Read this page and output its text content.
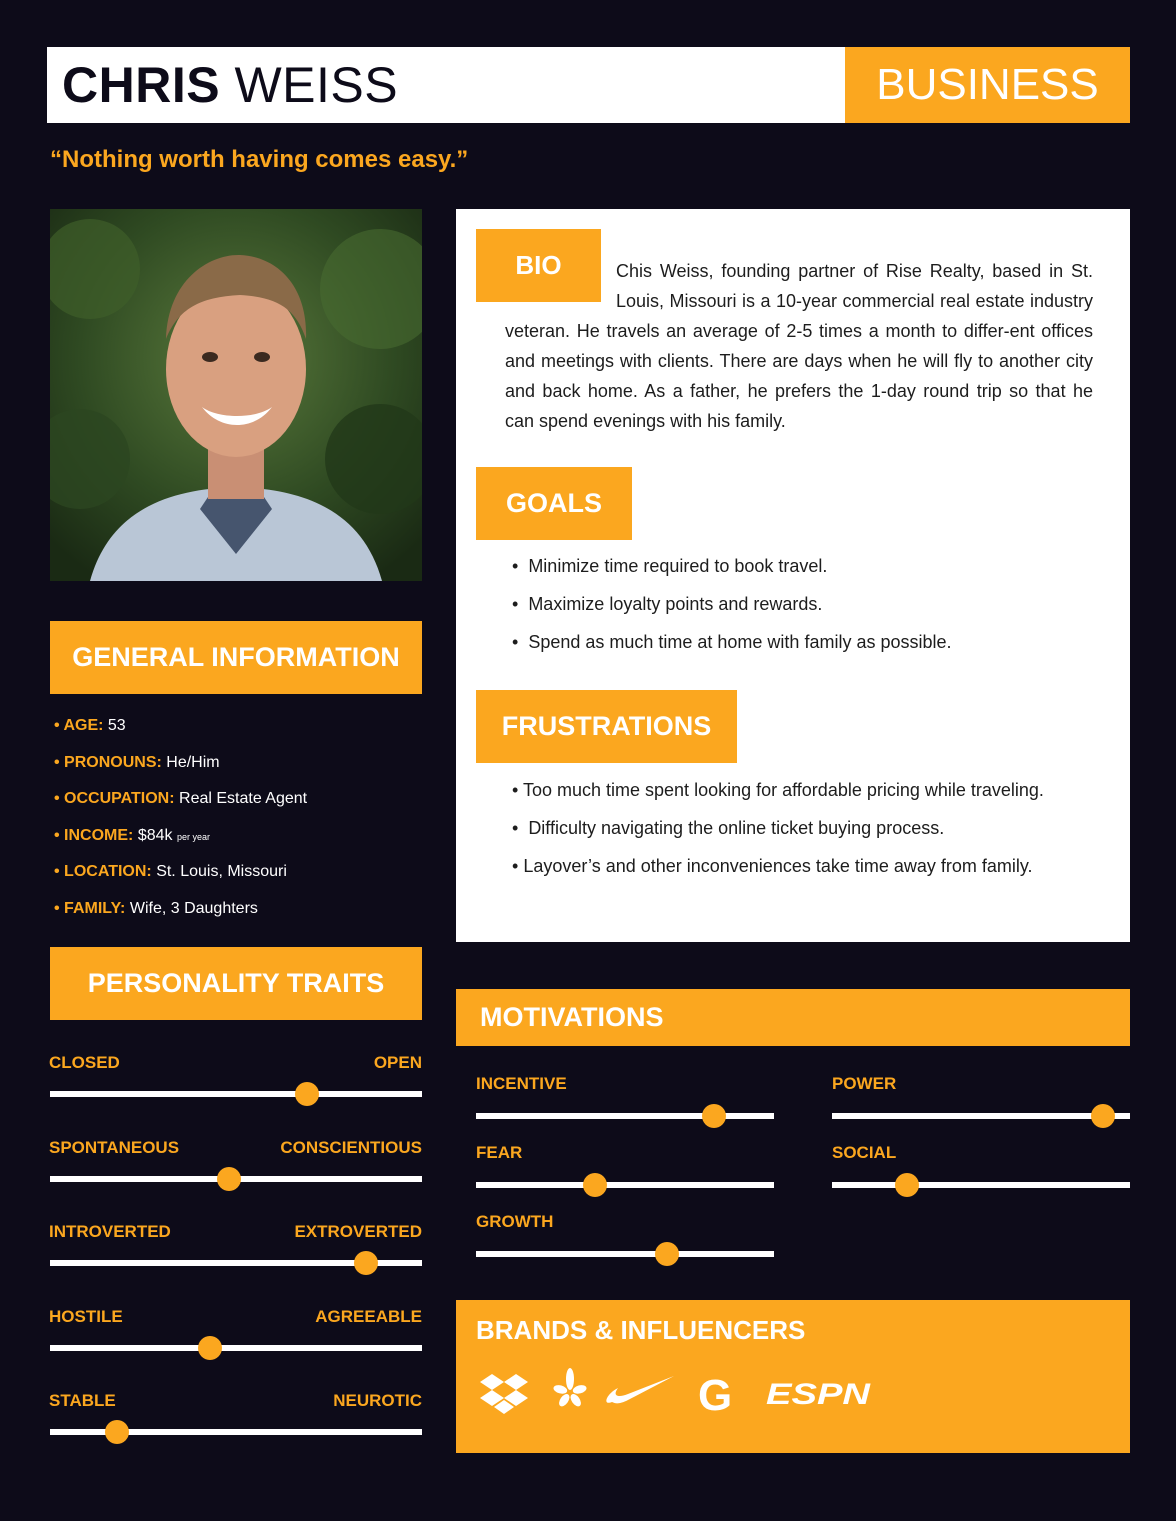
CHRIS WEISS	BUSINESS
“Nothing worth having comes easy.”
GENERAL INFORMATION
• AGE: 53
• PRONOUNS: He/Him
• OCCUPATION: Real Estate Agent
• INCOME: $84k per year
• LOCATION: St. Louis, Missouri
• FAMILY: Wife, 3 Daughters
PERSONALITY TRAITS
CLOSED	OPEN
SPONTANEOUS	CONSCIENTIOUS
INTROVERTED	EXTROVERTED
HOSTILE	AGREEABLE
STABLE	NEUROTIC
BIO	Chis Weiss, founding partner of Rise Realty, based in St. Louis, Missouri is a 10-year commercial real estate industry veteran. He travels an average of 2-5 times a month to differ-ent offices and meetings with clients. There are days when he will fly to another city and back home. As a father, he prefers the 1-day round trip so that he can spend evenings with his family.
GOALS
•  Minimize time required to book travel.
•  Maximize loyalty points and rewards.
•  Spend as much time at home with family as possible.
FRUSTRATIONS
• Too much time spent looking for affordable pricing while traveling.
•  Difficulty navigating the online ticket buying process.
• Layover’s and other inconveniences take time away from family.
MOTIVATIONS
INCENTIVE	POWER
FEAR	SOCIAL
GROWTH
BRANDS & INFLUENCERS
G ESPN
